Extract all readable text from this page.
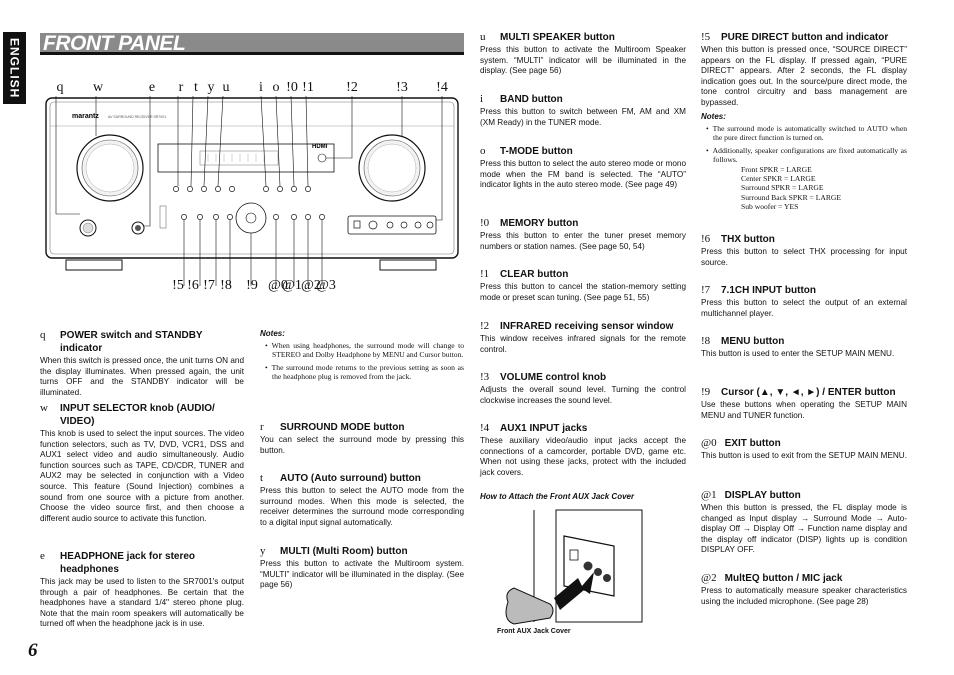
ENGLISH
6
FRONT PANEL
q	w	e	r t y u	i o !0 !1 !2	!3 !4
marantz	AV SURROUND RECEIVER SR7001
HDMI
!5 !6 !7 !8 !9 @0
@1 @2
@3
q	POWER switch and STANDBY indicator

When this switch is pressed once, the unit turns ON and the display illuminates. When pressed again, the unit turns OFF and the STANDBY indicator will be illuminated.

w	INPUT SELECTOR knob (AUDIO/ VIDEO)

This knob is used to select the input sources. The video function selectors, such as TV, DVD, VCR1, DSS and AUX1 select video and audio simultaneously. Audio function sources such as TAPE, CD/CDR, TUNER and AUX2 may be selected in conjunction with a Video source. This feature (Sound Injection) combines a sound from one source with a picture from another. Choose the video source first, and then choose a different audio source to activate this function.

e	HEADPHONE jack for stereo headphones

This jack may be used to listen to the SR7001's output through a pair of headphones. Be certain that the headphones have a standard 1/4" stereo phone plug. Note that the main room speakers will automatically be turned off when the headphone jack is in use.

Notes:
• When using headphones, the surround mode will change to STEREO and Dolby Headphone by MENU and Cursor button.
• The surround mode returns to the previous setting as soon as the headphone plug is removed from the jack.
r	SURROUND MODE button

You can select the surround mode by pressing this button.

t	AUTO (Auto surround) button

Press this button to select the AUTO mode from the surround modes. When this mode is selected, the receiver determines the surround mode corresponding to a digital input signal automatically.

y	MULTI (Multi Room) button

Press this button to activate the Multiroom system. “MULTI” indicator will be illuminated in the display. (See page 56)

u	MULTI SPEAKER button

Press this button to activate the Multiroom Speaker system. “MULTI” indicator will be illuminated in the display. (See page 56)

i	BAND button

Press this button to switch between FM, AM and XM (XM Ready) in the TUNER mode.

o	T-MODE button

Press this button to select the auto stereo mode or mono mode when the FM band is selected. The “AUTO” indicator lights in the auto stereo mode. (See page 49)

!0 MEMORY button

Press this button to enter the tuner preset memory numbers or station names. (See page 50, 54)

!1 CLEAR button

Press this button to cancel the station-memory setting mode or preset scan tuning. (See page 51, 55)

!2 INFRARED receiving sensor window

This window receives infrared signals for the remote control.

!3 VOLUME control knob

Adjusts the overall sound level. Turning the control clockwise increases the sound level.

!4 AUX1 INPUT jacks

These auxiliary video/audio input jacks accept the connections of a camcorder, portable DVD, game etc. When not using these jacks, protect with the included jack covers.

How to Attach the Front AUX Jack Cover
Front AUX Jack Cover
!5 PURE DIRECT button and indicator

When this button is pressed once, “SOURCE DIRECT” appears on the FL display. If pressed again, “PURE DIRECT” appears. After 2 seconds, the FL display indication goes out. In the source/pure direct mode, the tone control circuitry and bass management are bypassed.

Notes:
• The surround mode is automatically switched to AUTO when the pure direct function is turned on.
• Additionally, speaker configurations are fixed automatically as follows.
Front SPKR = LARGE
Center SPKR = LARGE
Surround SPKR = LARGE
Surround Back SPKR = LARGE
Sub woofer = YES
!6 THX button

Press this button to select THX processing for input source.

!7 7.1CH INPUT button

Press this button to select the output of an external multichannel player.

!8 MENU button

This button is used to enter the SETUP MAIN MENU.

!9 Cursor (▲, ▼, ◄, ►) / ENTER button

Use these buttons when operating the SETUP MAIN MENU and TUNER function.

@0 EXIT button

This button is used to exit from the SETUP MAIN MENU.

@1 DISPLAY button

When this button is pressed, the FL display mode is changed as Input display → Surround Mode → Auto-display Off → Display Off → Function name display and the display off indicator (DISP) lights up is condition DISPLAY OFF.

@2 MultEQ button / MIC jack

Press to automatically measure speaker characteristics using the included microphone. (See page 28)
